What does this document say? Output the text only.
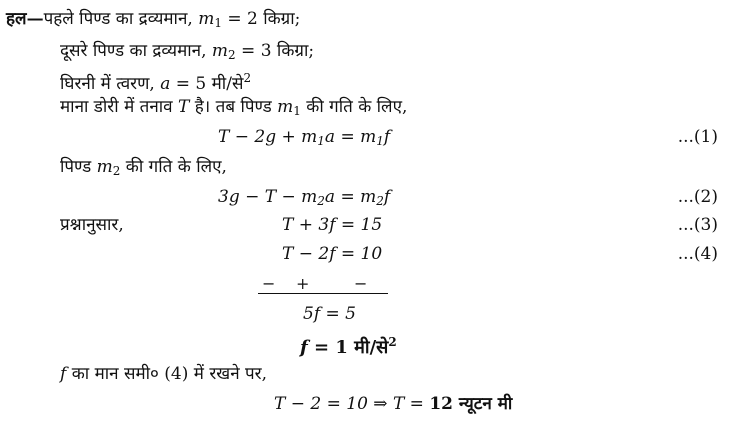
हल—पहले पिण्ड का द्रव्यमान, $m_1 = 2$ किग्रा;
दूसरे पिण्ड का द्रव्यमान, $m_2 = 3$ किग्रा;
घिरनी में त्वरण, a = 5 मी/से$^2$
माना डोरी में तनाव T है। तब पिण्ड $m_1$ की गति के लिए,
$T - 2g + m_1a = m_1f$	...(1)
पिण्ड $m_2$ की गति के लिए,
$3g - T - m_2a = m_2f$	...(2)
प्रश्नानुसार,	T + 3f = 15	...(3)
T − 2f = 10	...(4)
− +	−
5f = 5
f = 1 मी/से$^2$
f का मान समी० (4) में रखने पर,
T − 2 = 10 ⇒ T = 12 न्यूटन मी
